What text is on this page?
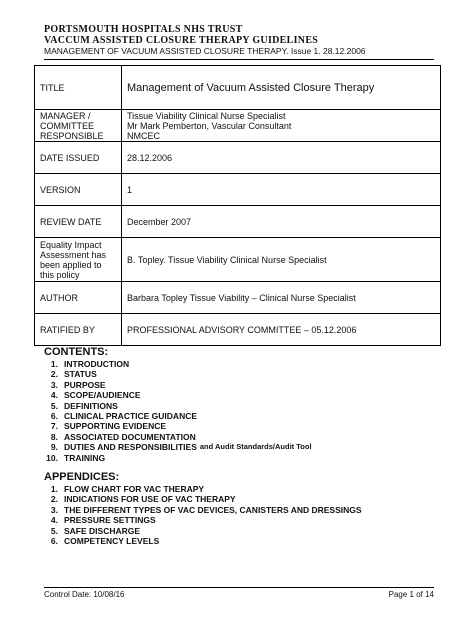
PORTSMOUTH HOSPITALS NHS TRUST
VACCUM ASSISTED CLOSURE THERAPY GUIDELINES
MANAGEMENT OF VACUUM ASSISTED CLOSURE THERAPY. Issue 1. 28.12.2006
TITLE	Management of Vacuum Assisted Closure Therapy
MANAGER / COMMITTEE RESPONSIBLE	Tissue Viability Clinical Nurse Specialist
Mr Mark Pemberton, Vascular Consultant
NMCEC
DATE ISSUED	28.12.2006
VERSION	1
REVIEW DATE	December 2007
Equality Impact Assessment has been applied to this policy	B. Topley. Tissue Viability Clinical Nurse Specialist
AUTHOR	Barbara Topley Tissue Viability – Clinical Nurse Specialist
RATIFIED BY	PROFESSIONAL ADVISORY COMMITTEE – 05.12.2006
CONTENTS:
1. INTRODUCTION
2. STATUS
3. PURPOSE
4. SCOPE/AUDIENCE
5. DEFINITIONS
6. CLINICAL PRACTICE GUIDANCE
7. SUPPORTING EVIDENCE
8. ASSOCIATED DOCUMENTATION
9. DUTIES AND RESPONSIBILITIES and Audit Standards/Audit Tool
10. TRAINING
APPENDICES:
1. FLOW CHART FOR VAC THERAPY
2. INDICATIONS FOR USE OF VAC THERAPY
3. THE DIFFERENT TYPES OF VAC DEVICES, CANISTERS AND DRESSINGS
4. PRESSURE SETTINGS
5. SAFE DISCHARGE
6. COMPETENCY LEVELS
Control Date: 10/08/16	Page 1 of 14
